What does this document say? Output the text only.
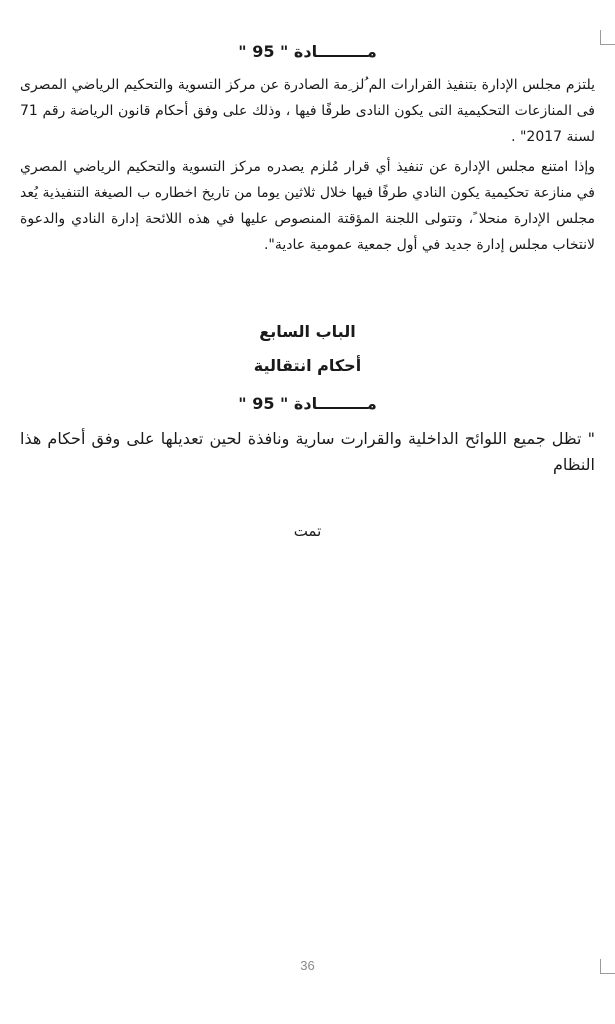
مـــــــــادة " 95 "

يلتزم مجلس الإدارة بتنفيذ القرارات الم ُلز ِمة الصادرة عن مركز التسوية والتحكيم الرياضي المصرى فى المنازعات التحكيمية التى يكون النادى طرفًا فيها ، وذلك على وفق أحكام قانون الرياضة رقم 71 لسنة 2017" .

وإذا امتنع مجلس الإدارة عن تنفيذ أي قرار مُلزم يصدره مركز التسوية والتحكيم الرياضي المصري في منازعة تحكيمية يكون النادي طرفًا فيها خلال ثلاثين يوما من تاريخ اخطاره ب الصيغة التنفيذية يُعد مجلس الإدارة منحلا ً، وتتولى اللجنة المؤقتة المنصوص عليها في هذه اللائحة إدارة النادي والدعوة لانتخاب مجلس إدارة جديد في أول جمعية عمومية عادية".

الباب السابع
أحكام انتقالية
مـــــــــادة " 95 "

" تظل جميع اللوائح الداخلية والقرارت سارية ونافذة لحين تعديلها على وفق أحكام هذا النظام

تمت
36
